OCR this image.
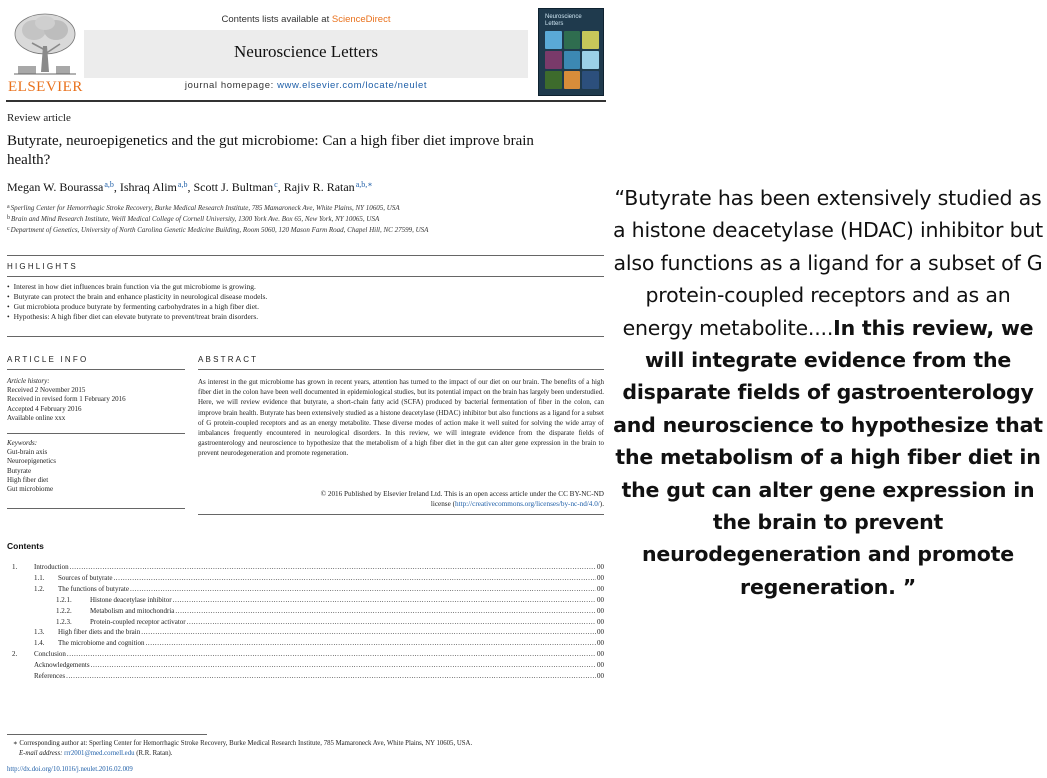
ELSEVIER
Contents lists available at ScienceDirect
Neuroscience Letters
journal homepage: www.elsevier.com/locate/neulet
Neuroscience
Letters
Review article
Butyrate, neuroepigenetics and the gut microbiome: Can a high fiber diet improve brain health?
Megan W. Bourassa$^{a,b}$, Ishraq Alim$^{a,b}$, Scott J. Bultman$^c$, Rajiv R. Ratan$^{a,b,∗}$
$^a$Sperling Center for Hemorrhagic Stroke Recovery, Burke Medical Research Institute, 785 Mamaroneck Ave, White Plains, NY 10605, USA
$^b$Brain and Mind Research Institute, Weill Medical College of Cornell University, 1300 York Ave. Box 65, New York, NY 10065, USA
$^c$Department of Genetics, University of North Carolina Genetic Medicine Building, Room 5060, 120 Mason Farm Road, Chapel Hill, NC 27599, USA
HIGHLIGHTS
• Interest in how diet influences brain function via the gut microbiome is growing.
• Butyrate can protect the brain and enhance plasticity in neurological disease models.
• Gut microbiota produce butyrate by fermenting carbohydrates in a high fiber diet.
• Hypothesis: A high fiber diet can elevate butyrate to prevent/treat brain disorders.
ARTICLE INFO
Article history:
Received 2 November 2015
Received in revised form 1 February 2016
Accepted 4 February 2016
Available online xxx
Keywords:
Gut-brain axis
Neuroepigenetics
Butyrate
High fiber diet
Gut microbiome
ABSTRACT
As interest in the gut microbiome has grown in recent years, attention has turned to the impact of our diet on our brain. The benefits of a high fiber diet in the colon have been well documented in epidemiological studies, but its potential impact on the brain has largely been understudied. Here, we will review evidence that butyrate, a short-chain fatty acid (SCFA) produced by bacterial fermentation of fiber in the colon, can improve brain health. Butyrate has been extensively studied as a histone deacetylase (HDAC) inhibitor but also functions as a ligand for a subset of G protein-coupled receptors and as an energy metabolite. These diverse modes of action make it well suited for solving the wide array of imbalances frequently encountered in neurological disorders. In this review, we will integrate evidence from the disparate fields of gastroenterology and neuroscience to hypothesize that the metabolism of a high fiber diet in the gut can alter gene expression in the brain to prevent neurodegeneration and promote regeneration.
© 2016 Published by Elsevier Ireland Ltd. This is an open access article under the CC BY-NC-ND
license (http://creativecommons.org/licenses/by-nc-nd/4.0/).
Contents
1.	Introduction .....	00
1.1.	Sources of butyrate .....	00
1.2.	The functions of butyrate .....	00
1.2.1.	Histone deacetylase inhibitor .....	00
1.2.2.	Metabolism and mitochondria .....	00
1.2.3.	Protein-coupled receptor activator .....	00
1.3.	High fiber diets and the brain .....	00
1.4.	The microbiome and cognition .....	00
2.	Conclusion .....	00
Acknowledgements .....	00
References .....	00
∗ Corresponding author at: Sperling Center for Hemorrhagic Stroke Recovery, Burke Medical Research Institute, 785 Mamaroneck Ave, White Plains, NY 10605, USA.
E-mail address: rrr2001@med.cornell.edu (R.R. Ratan).
http://dx.doi.org/10.1016/j.neulet.2016.02.009
“Butyrate has been extensively studied as a histone deacetylase (HDAC) inhibitor but also functions as a ligand for a subset of G protein-coupled receptors and as an energy metabolite....In this review, we will integrate evidence from the disparate fields of gastroenterology and neuroscience to hypothesize that the metabolism of a high fiber diet in the gut can alter gene expression in the brain to prevent neurodegeneration and promote regeneration. ”
